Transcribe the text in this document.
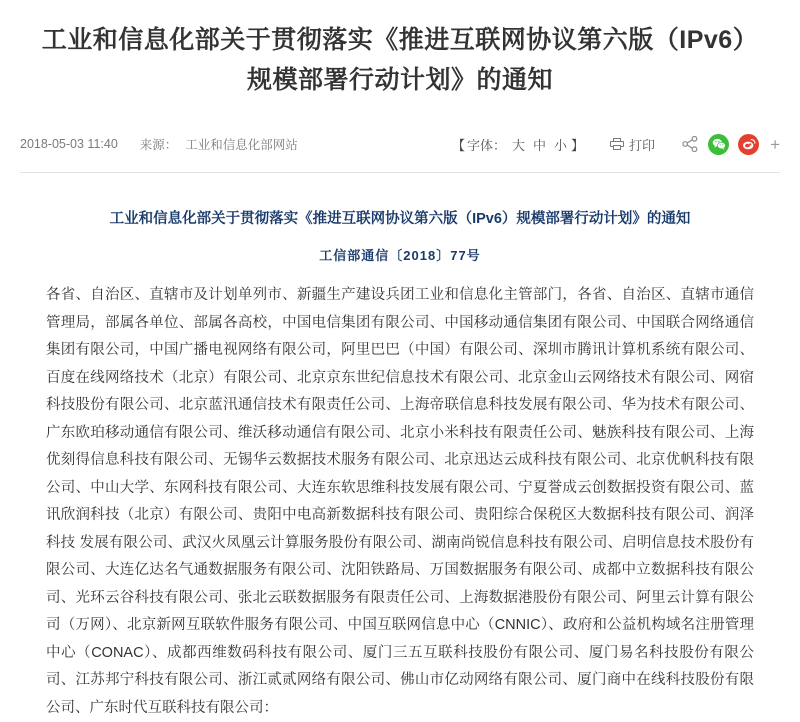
工业和信息化部关于贯彻落实《推进互联网协议第六版（IPv6）规模部署行动计划》的通知
2018-05-03 11:40 来源： 工业和信息化部网站	【 字体： 大 中 小 】	打印	+
工业和信息化部关于贯彻落实《推进互联网协议第六版（IPv6）规模部署行动计划》的通知
工信部通信〔2018〕77号

各省、自治区、直辖市及计划单列市、新疆生产建设兵团工业和信息化主管部门，各省、自治区、直辖市通信管理局，部属各单位、部属各高校，中国电信集团有限公司、中国移动通信集团有限公司、中国联合网络通信集团有限公司，中国广播电视网络有限公司，阿里巴巴（中国）有限公司、深圳市腾讯计算机系统有限公司、百度在线网络技术（北京）有限公司、北京京东世纪信息技术有限公司、北京金山云网络技术有限公司、网宿科技股份有限公司、北京蓝汛通信技术有限责任公司、上海帝联信息科技发展有限公司、华为技术有限公司、广东欧珀移动通信有限公司、维沃移动通信有限公司、北京小米科技有限责任公司、魅族科技有限公司、上海优刻得信息科技有限公司、无锡华云数据技术服务有限公司、北京迅达云成科技有限公司、北京优帆科技有限公司、中山大学、东网科技有限公司、大连东软思维科技发展有限公司、宁夏誉成云创数据投资有限公司、蓝讯欣润科技（北京）有限公司、贵阳中电高新数据科技有限公司、贵阳综合保税区大数据科技有限公司、润泽科技 发展有限公司、武汉火凤凰云计算服务股份有限公司、湖南尚锐信息科技有限公司、启明信息技术股份有限公司、大连亿达名气通数据服务有限公司、沈阳铁路局、万国数据服务有限公司、成都中立数据科技有限公司、光环云谷科技有限公司、张北云联数据服务有限责任公司、上海数据港股份有限公司、阿里云计算有限公司（万网）、北京新网互联软件服务有限公司、中国互联网信息中心（CNNIC）、政府和公益机构域名注册管理中心（CONAC）、成都西维数码科技有限公司、厦门三五互联科技股份有限公司、厦门易名科技股份有限公司、江苏邦宁科技有限公司、浙江贰贰网络有限公司、佛山市亿动网络有限公司、厦门商中在线科技股份有限公司、广东时代互联科技有限公司：
